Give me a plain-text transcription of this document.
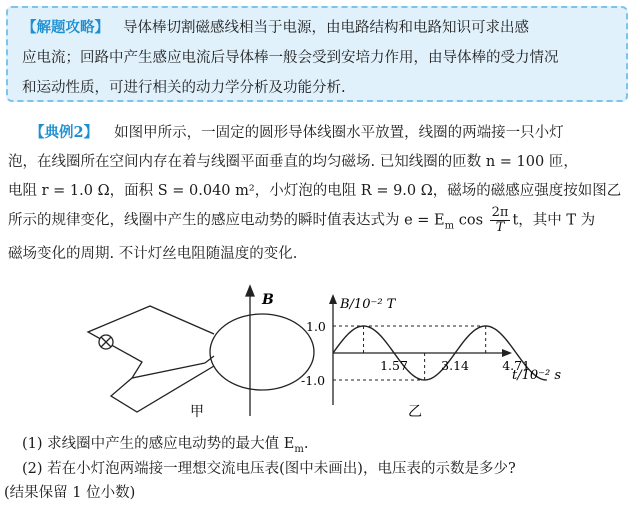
【解题攻略】 导体棒切割磁感线相当于电源，由电路结构和电路知识可求出感
应电流；回路中产生感应电流后导体棒一般会受到安培力作用，由导体棒的受力情况
和运动性质，可进行相关的动力学分析及功能分析.
【典例2】 如图甲所示，一固定的圆形导体线圈水平放置，线圈的两端接一只小灯
泡，在线圈所在空间内存在着与线圈平面垂直的均匀磁场. 已知线圈的匝数 n = 100 匝，
电阻 r = 1.0 Ω，面积 S = 0.040 m²，小灯泡的电阻 R = 9.0 Ω，磁场的磁感应强度按如图乙
所示的规律变化，线圈中产生的感应电动势的瞬时值表达式为 $e = E_m$ $\cos \frac{2\pi}{T}$ t，其中 T 为
磁场变化的周期. 不计灯丝电阻随温度的变化.
B
甲
1.57	3.14	4.71
1.0
-1.0
B/10⁻² T
t/10⁻² s
乙
(1) 求线圈中产生的感应电动势的最大值 $E_m$.
(2) 若在小灯泡两端接一理想交流电压表(图中未画出)，电压表的示数是多少?
(结果保留 1 位小数)
